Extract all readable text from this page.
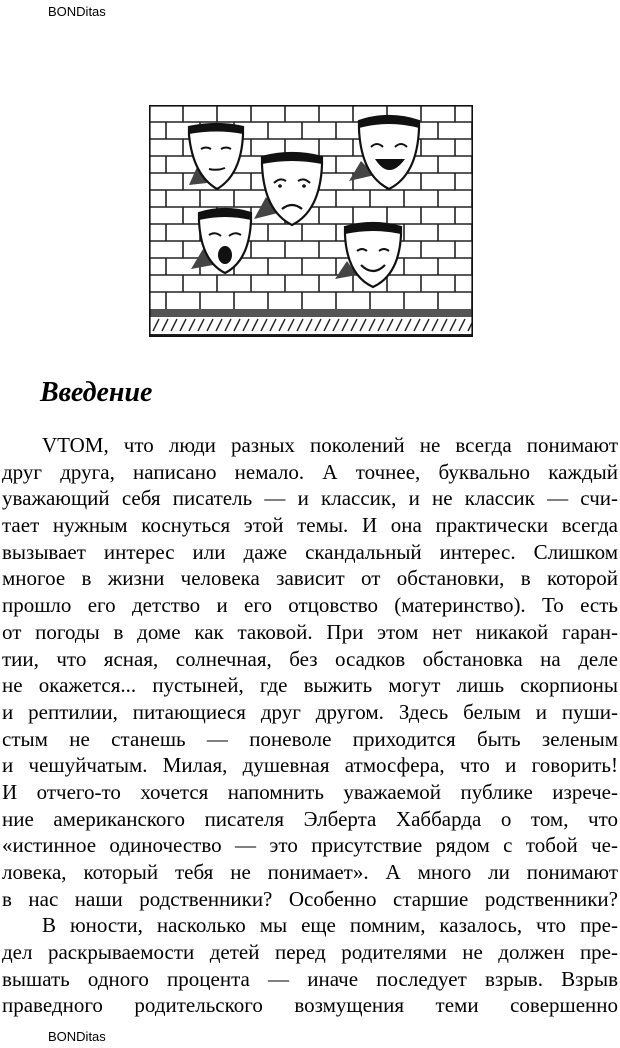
BONDitas
Введение
VTOM, что люди разных поколений не всегда понимают
друг друга, написано немало. А точнее, буквально каждый
уважающий себя писатель — и классик, и не классик — счи-
тает нужным коснуться этой темы. И она практически всегда
вызывает интерес или даже скандальный интерес. Слишком
многое в жизни человека зависит от обстановки, в которой
прошло его детство и его отцовство (материнство). То есть
от погоды в доме как таковой. При этом нет никакой гаран-
тии, что ясная, солнечная, без осадков обстановка на деле
не окажется... пустыней, где выжить могут лишь скорпионы
и рептилии, питающиеся друг другом. Здесь белым и пуши-
стым не станешь — поневоле приходится быть зеленым
и чешуйчатым. Милая, душевная атмосфера, что и говорить!
И отчего-то хочется напомнить уважаемой публике изрече-
ние американского писателя Элберта Хаббарда о том, что
«истинное одиночество — это присутствие рядом с тобой че-
ловека, который тебя не понимает». А много ли понимают
в нас наши родственники? Особенно старшие родственники?
В юности, насколько мы еще помним, казалось, что пре-
дел раскрываемости детей перед родителями не должен пре-
вышать одного процента — иначе последует взрыв. Взрыв
праведного родительского возмущения теми совершенно
BONDitas
